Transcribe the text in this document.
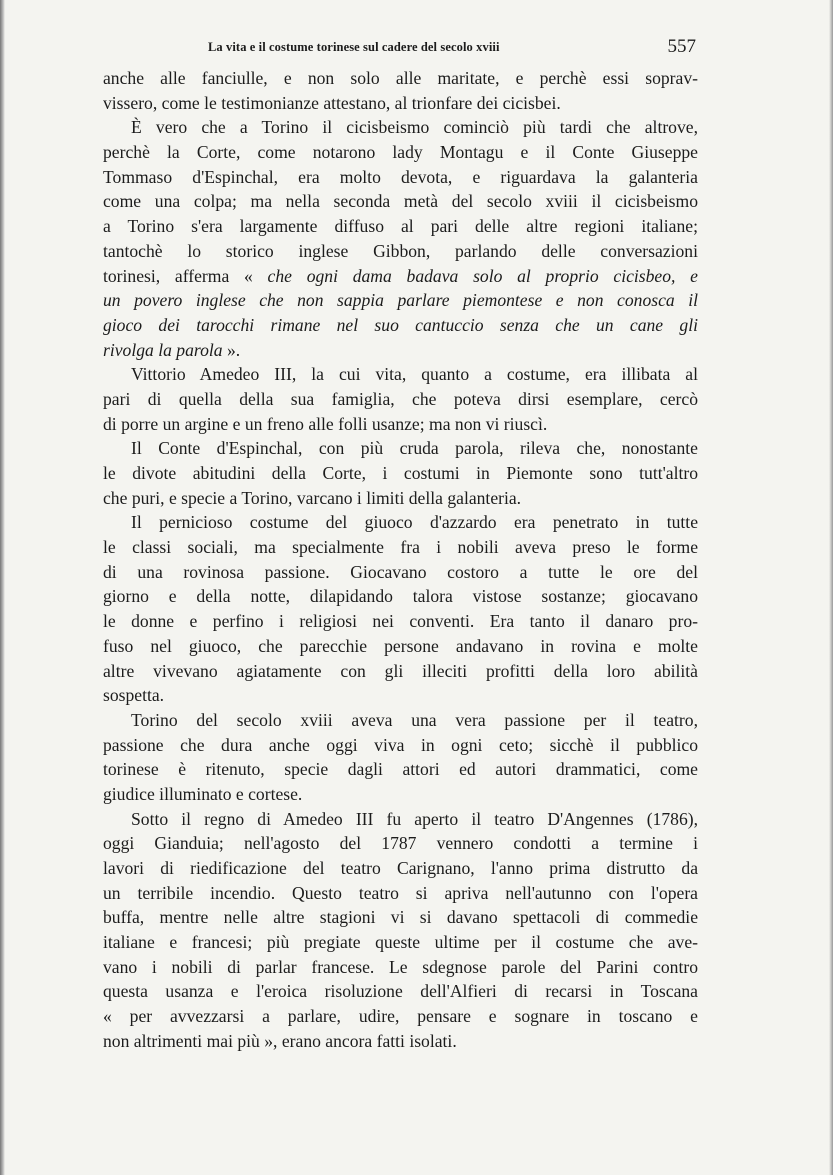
La vita e il costume torinese sul cadere del secolo xviii	557
anche alle fanciulle, e non solo alle maritate, e perchè essi soprav-
vissero, come le testimonianze attestano, al trionfare dei cicisbei.
È vero che a Torino il cicisbeismo cominciò più tardi che altrove,
perchè la Corte, come notarono lady Montagu e il Conte Giuseppe
Tommaso d'Espinchal, era molto devota, e riguardava la galanteria
come una colpa; ma nella seconda metà del secolo xviii il cicisbeismo
a Torino s'era largamente diffuso al pari delle altre regioni italiane;
tantochè lo storico inglese Gibbon, parlando delle conversazioni
torinesi, afferma « che ogni dama badava solo al proprio cicisbeo, e
un povero inglese che non sappia parlare piemontese e non conosca il
gioco dei tarocchi rimane nel suo cantuccio senza che un cane gli
rivolga la parola ».
Vittorio Amedeo III, la cui vita, quanto a costume, era illibata al
pari di quella della sua famiglia, che poteva dirsi esemplare, cercò
di porre un argine e un freno alle folli usanze; ma non vi riuscì.
Il Conte d'Espinchal, con più cruda parola, rileva che, nonostante
le divote abitudini della Corte, i costumi in Piemonte sono tutt'altro
che puri, e specie a Torino, varcano i limiti della galanteria.
Il pernicioso costume del giuoco d'azzardo era penetrato in tutte
le classi sociali, ma specialmente fra i nobili aveva preso le forme
di una rovinosa passione. Giocavano costoro a tutte le ore del
giorno e della notte, dilapidando talora vistose sostanze; giocavano
le donne e perfino i religiosi nei conventi. Era tanto il danaro pro-
fuso nel giuoco, che parecchie persone andavano in rovina e molte
altre vivevano agiatamente con gli illeciti profitti della loro abilità
sospetta.
Torino del secolo xviii aveva una vera passione per il teatro,
passione che dura anche oggi viva in ogni ceto; sicchè il pubblico
torinese è ritenuto, specie dagli attori ed autori drammatici, come
giudice illuminato e cortese.
Sotto il regno di Amedeo III fu aperto il teatro D'Angennes (1786),
oggi Gianduia; nell'agosto del 1787 vennero condotti a termine i
lavori di riedificazione del teatro Carignano, l'anno prima distrutto da
un terribile incendio. Questo teatro si apriva nell'autunno con l'opera
buffa, mentre nelle altre stagioni vi si davano spettacoli di commedie
italiane e francesi; più pregiate queste ultime per il costume che ave-
vano i nobili di parlar francese. Le sdegnose parole del Parini contro
questa usanza e l'eroica risoluzione dell'Alfieri di recarsi in Toscana
« per avvezzarsi a parlare, udire, pensare e sognare in toscano e
non altrimenti mai più », erano ancora fatti isolati.
